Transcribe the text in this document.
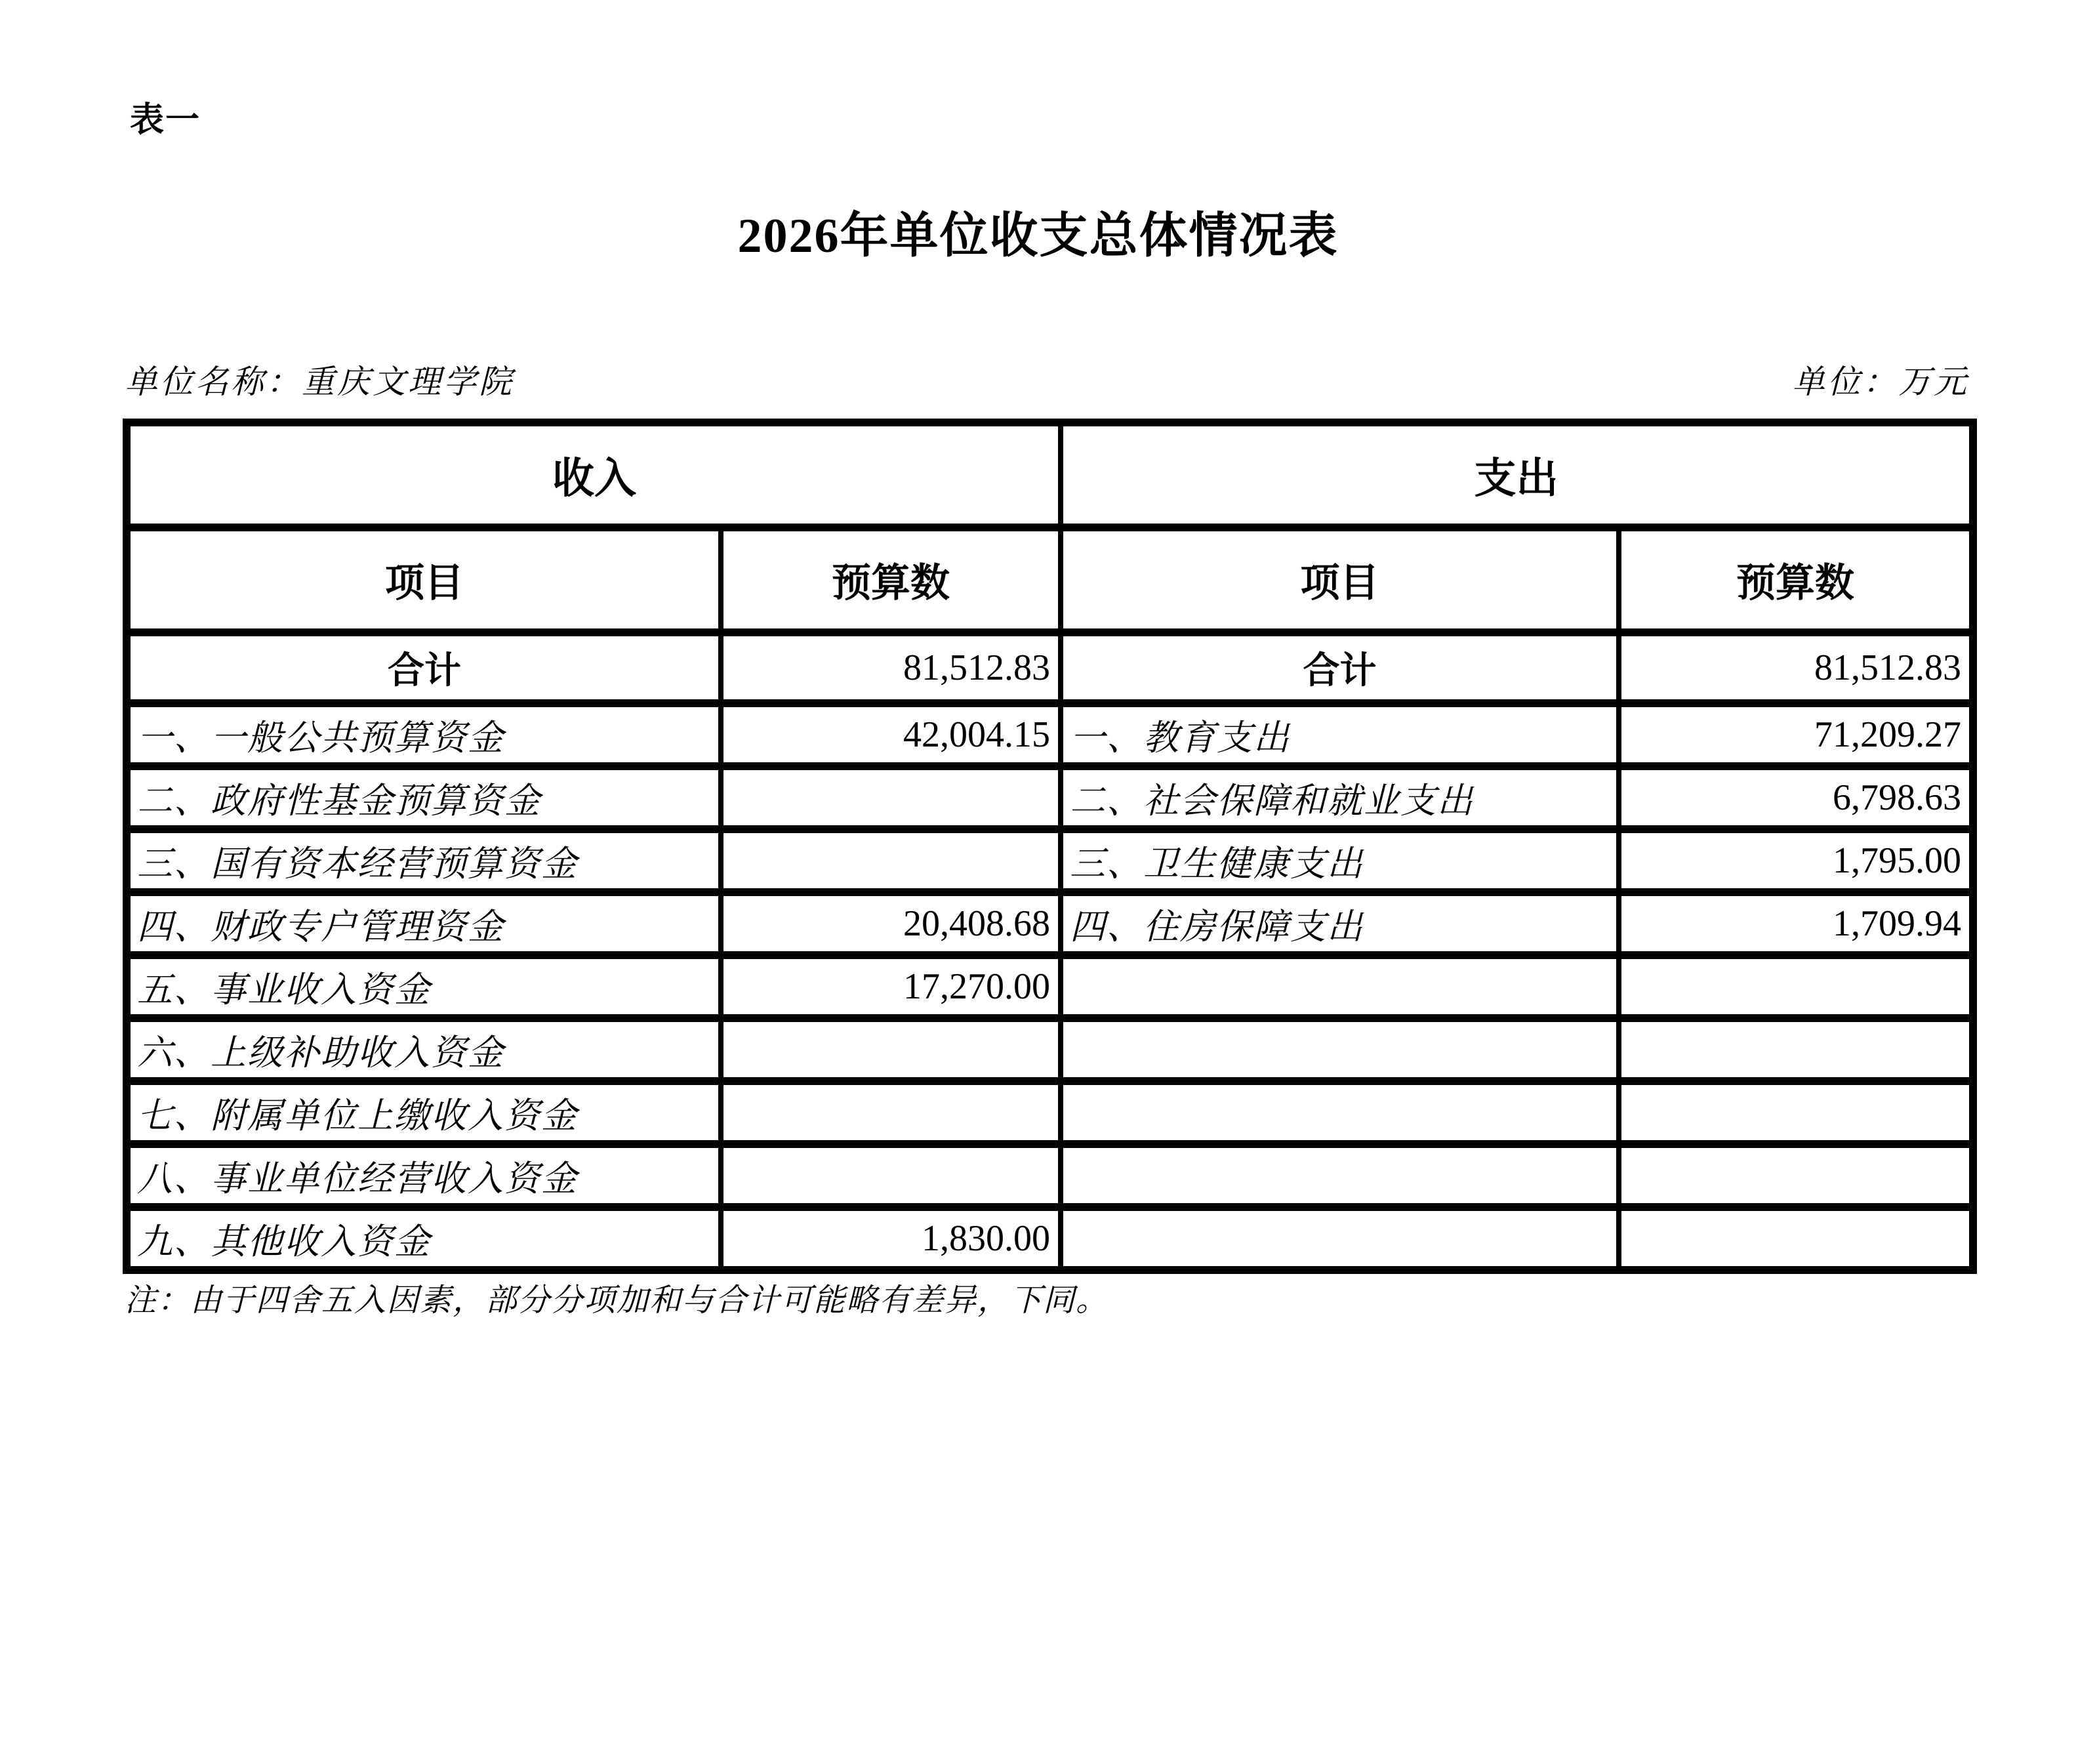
表一
2026年单位收支总体情况表
单位名称：重庆文理学院	单位：万元
收入		支出	
项目	预算数	项目	预算数
合计	81,512.83	合计	81,512.83
一、一般公共预算资金	42,004.15	一、教育支出	71,209.27
二、政府性基金预算资金		二、社会保障和就业支出	6,798.63
三、国有资本经营预算资金		三、卫生健康支出	1,795.00
四、财政专户管理资金	20,408.68	四、住房保障支出	1,709.94
五、事业收入资金	17,270.00		
六、上级补助收入资金			
七、附属单位上缴收入资金			
八、事业单位经营收入资金			
九、其他收入资金	1,830.00		
注：由于四舍五入因素，部分分项加和与合计可能略有差异，下同。
